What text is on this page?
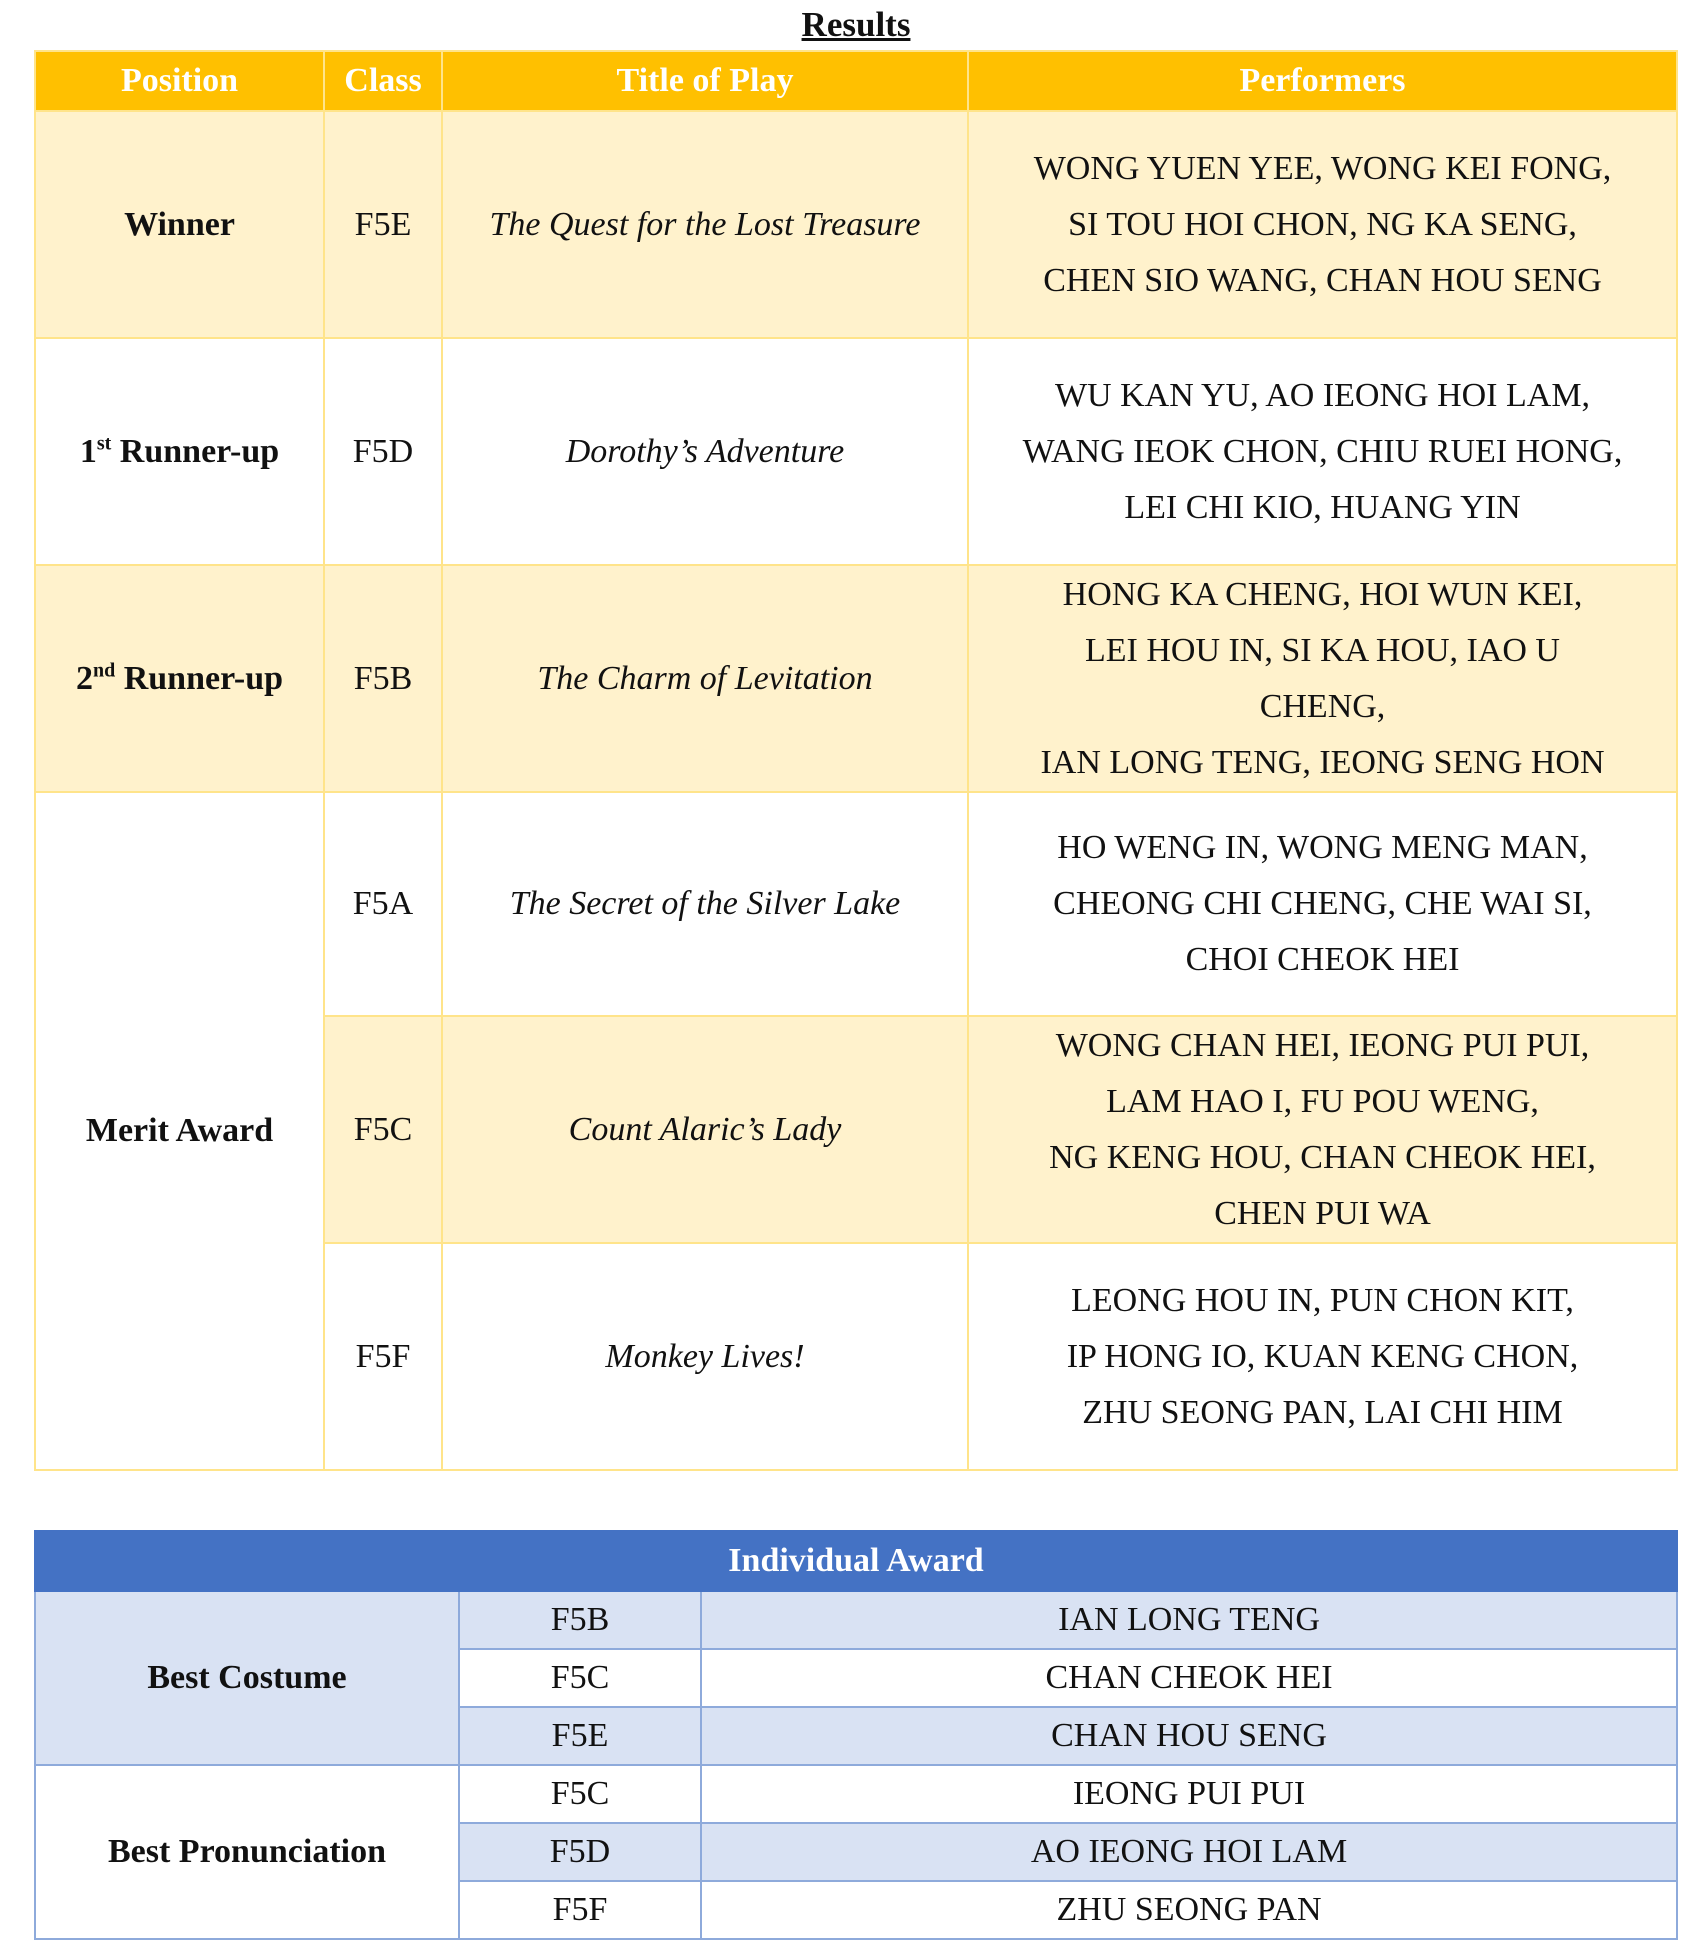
Results
Position	Class	Title of Play	Performers
Winner	F5E	The Quest for the Lost Treasure	WONG YUEN YEE, WONG KEI FONG,
SI TOU HOI CHON, NG KA SENG,
CHEN SIO WANG, CHAN HOU SENG

1st Runner-up	F5D	Dorothy’s Adventure	WU KAN YU, AO IEONG HOI LAM,
WANG IEOK CHON, CHIU RUEI HONG,
LEI CHI KIO, HUANG YIN

2nd Runner-up	F5B	The Charm of Levitation	HONG KA CHENG, HOI WUN KEI,
LEI HOU IN, SI KA HOU, IAO U
CHENG,
IAN LONG TENG, IEONG SENG HON

Merit Award	F5A	The Secret of the Silver Lake	HO WENG IN, WONG MENG MAN,
CHEONG CHI CHENG, CHE WAI SI,
CHOI CHEOK HEI

	F5C	Count Alaric’s Lady	WONG CHAN HEI, IEONG PUI PUI,
LAM HAO I, FU POU WENG,
NG KENG HOU, CHAN CHEOK HEI,
CHEN PUI WA

	F5F	Monkey Lives!	LEONG HOU IN, PUN CHON KIT,
IP HONG IO, KUAN KENG CHON,
ZHU SEONG PAN, LAI CHI HIM
Individual Award		
Best Costume	F5B	IAN LONG TENG
	F5C	CHAN CHEOK HEI
	F5E	CHAN HOU SENG
Best Pronunciation	F5C	IEONG PUI PUI
	F5D	AO IEONG HOI LAM
	F5F	ZHU SEONG PAN
